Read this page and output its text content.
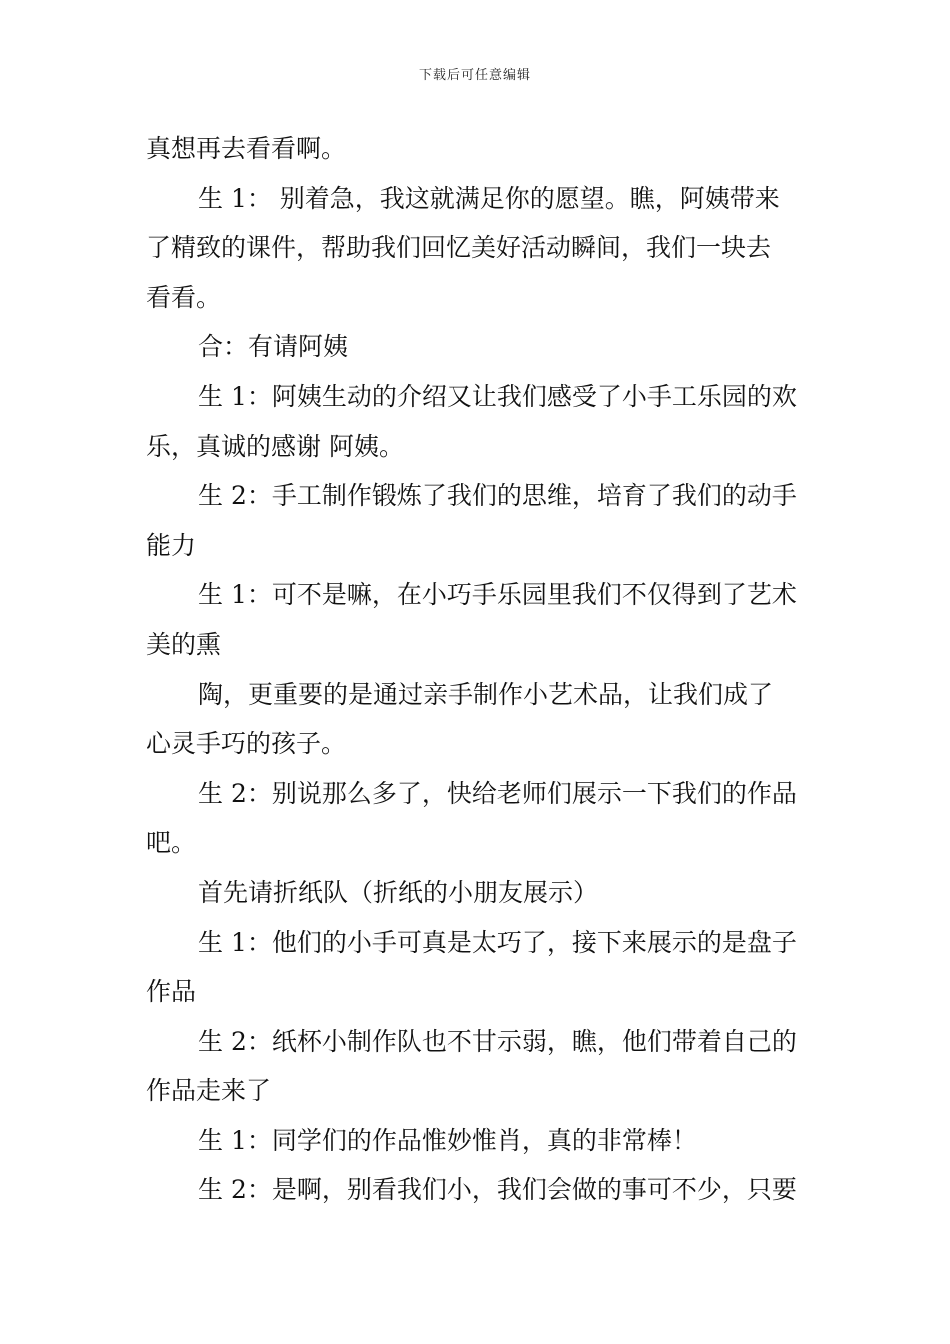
下载后可任意编辑
真想再去看看啊。
生 1： 别着急，我这就满足你的愿望。瞧，阿姨带来
了精致的课件，帮助我们回忆美好活动瞬间，我们一块去
看看。
合：有请阿姨
生 1：阿姨生动的介绍又让我们感受了小手工乐园的欢
乐，真诚的感谢 阿姨。
生 2：手工制作锻炼了我们的思维，培育了我们的动手
能力
生 1：可不是嘛，在小巧手乐园里我们不仅得到了艺术
美的熏
陶，更重要的是通过亲手制作小艺术品，让我们成了
心灵手巧的孩子。
生 2：别说那么多了，快给老师们展示一下我们的作品
吧。
首先请折纸队（折纸的小朋友展示）
生 1：他们的小手可真是太巧了，接下来展示的是盘子
作品
生 2：纸杯小制作队也不甘示弱，瞧，他们带着自己的
作品走来了
生 1：同学们的作品惟妙惟肖，真的非常棒！
生 2：是啊，别看我们小，我们会做的事可不少，只要
